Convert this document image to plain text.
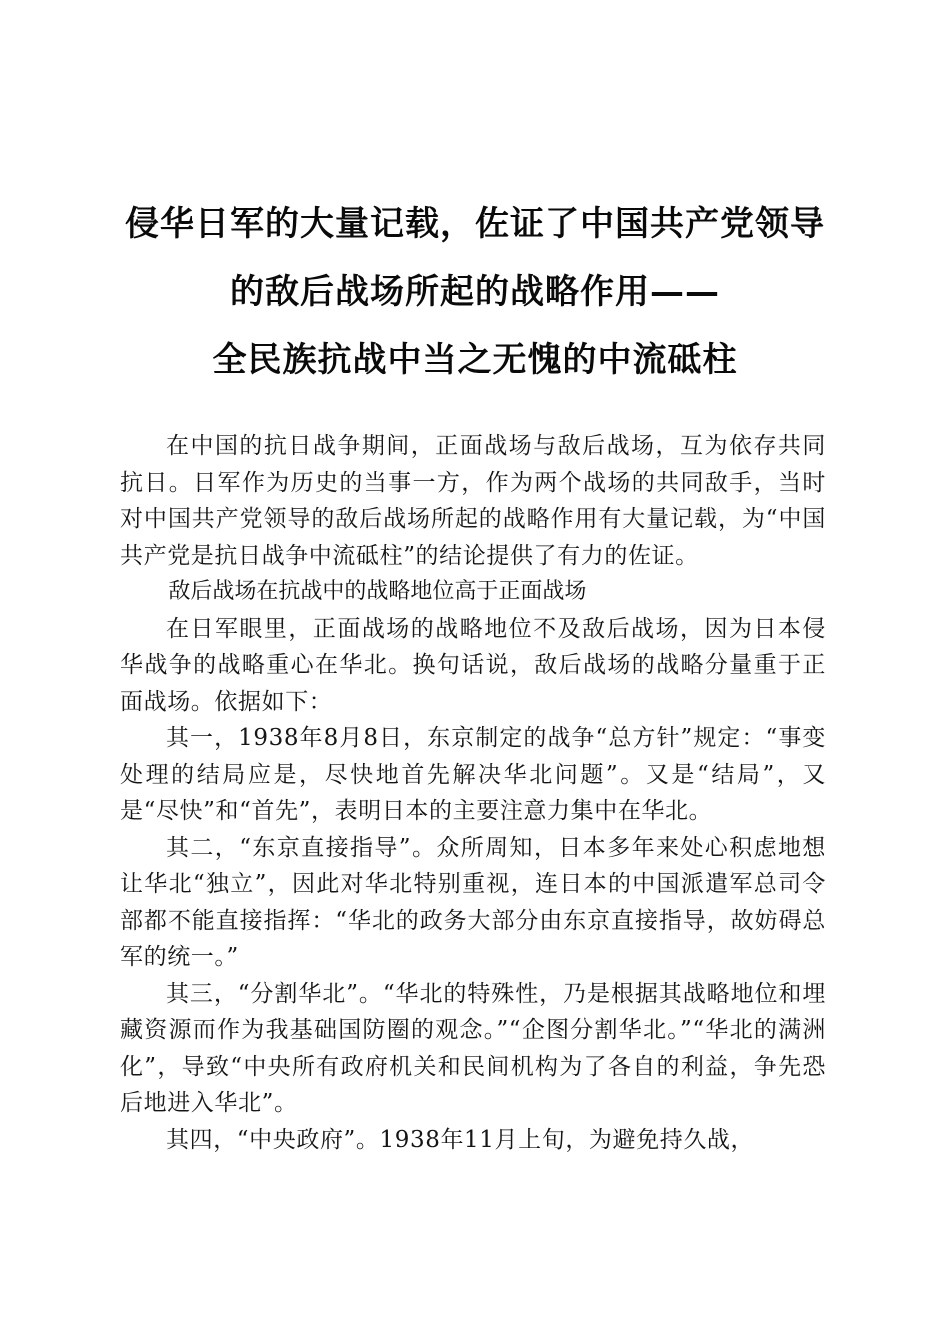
侵华日军的大量记载，佐证了中国共产党领导
的敌后战场所起的战略作用——
全民族抗战中当之无愧的中流砥柱

在中国的抗日战争期间，正面战场与敌后战场，互为依存共同抗日。日军作为历史的当事一方，作为两个战场的共同敌手，当时对中国共产党领导的敌后战场所起的战略作用有大量记载，为“中国共产党是抗日战争中流砥柱”的结论提供了有力的佐证。

敌后战场在抗战中的战略地位高于正面战场

在日军眼里，正面战场的战略地位不及敌后战场，因为日本侵华战争的战略重心在华北。换句话说，敌后战场的战略分量重于正面战场。依据如下：

其一，1938年8月8日，东京制定的战争“总方针”规定：“事变处理的结局应是，尽快地首先解决华北问题”。又是“结局”，又是“尽快”和“首先”，表明日本的主要注意力集中在华北。

其二，“东京直接指导”。众所周知，日本多年来处心积虑地想让华北“独立”，因此对华北特别重视，连日本的中国派遣军总司令部都不能直接指挥：“华北的政务大部分由东京直接指导，故妨碍总军的统一。”

其三，“分割华北”。“华北的特殊性，乃是根据其战略地位和埋藏资源而作为我基础国防圈的观念。”“企图分割华北。”“华北的满洲化”，导致“中央所有政府机关和民间机构为了各自的利益，争先恐后地进入华北”。

其四，“中央政府”。1938年11月上旬，为避免持久战，
